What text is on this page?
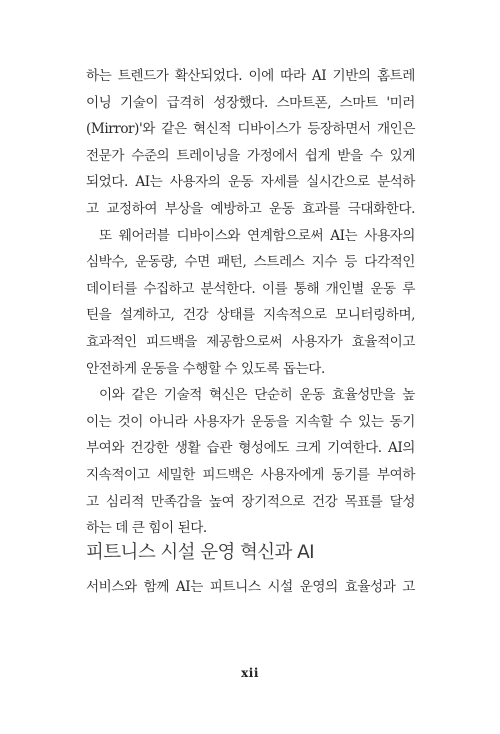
하는 트렌드가 확산되었다. 이에 따라 AI 기반의 홈트레
이닝 기술이 급격히 성장했다. 스마트폰, 스마트 '미러
(Mirror)'와 같은 혁신적 디바이스가 등장하면서 개인은
전문가 수준의 트레이닝을 가정에서 쉽게 받을 수 있게
되었다. AI는 사용자의 운동 자세를 실시간으로 분석하
고 교정하여 부상을 예방하고 운동 효과를 극대화한다.
또 웨어러블 디바이스와 연계함으로써 AI는 사용자의
심박수, 운동량, 수면 패턴, 스트레스 지수 등 다각적인
데이터를 수집하고 분석한다. 이를 통해 개인별 운동 루
틴을 설계하고, 건강 상태를 지속적으로 모니터링하며,
효과적인 피드백을 제공함으로써 사용자가 효율적이고
안전하게 운동을 수행할 수 있도록 돕는다.
이와 같은 기술적 혁신은 단순히 운동 효율성만을 높
이는 것이 아니라 사용자가 운동을 지속할 수 있는 동기
부여와 건강한 생활 습관 형성에도 크게 기여한다. AI의
지속적이고 세밀한 피드백은 사용자에게 동기를 부여하
고 심리적 만족감을 높여 장기적으로 건강 목표를 달성
하는 데 큰 힘이 된다.
피트니스 시설 운영 혁신과 AI
서비스와 함께 AI는 피트니스 시설 운영의 효율성과 고
xii
